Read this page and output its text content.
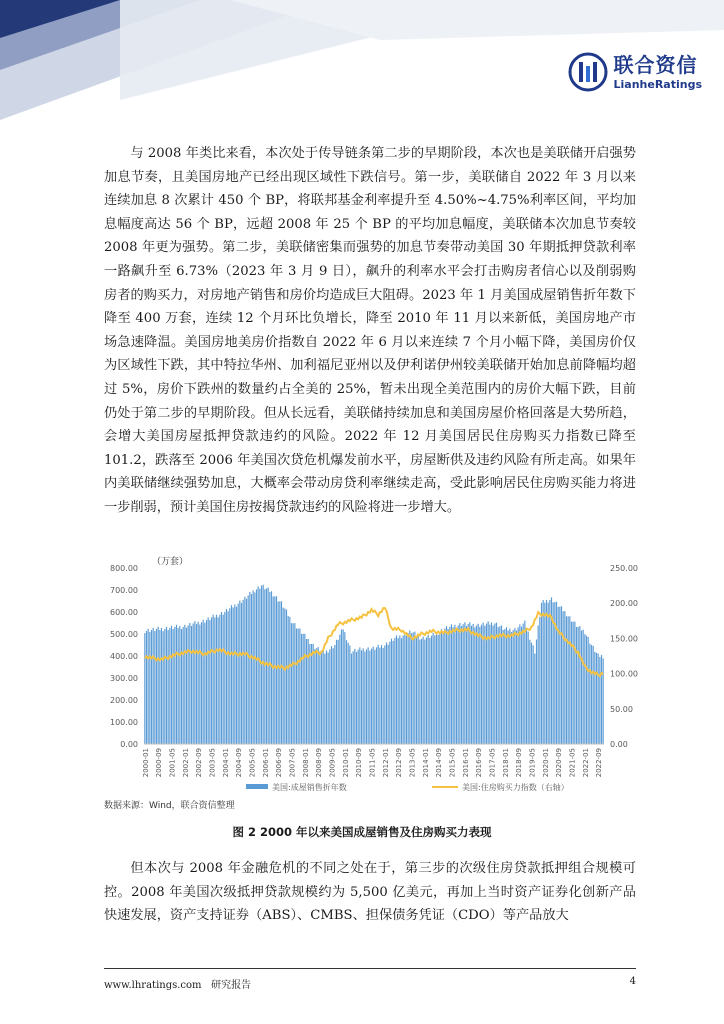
联合资信
LianheRatings

与 2008 年类比来看，本次处于传导链条第二步的早期阶段，本次也是美联储开启强势加息节奏，且美国房地产已经出现区域性下跌信号。第一步，美联储自 2022 年 3 月以来连续加息 8 次累计 450 个 BP，将联邦基金利率提升至 4.50%~4.75%利率区间，平均加息幅度高达 56 个 BP，远超 2008 年 25 个 BP 的平均加息幅度，美联储本次加息节奏较 2008 年更为强势。第二步，美联储密集而强势的加息节奏带动美国 30 年期抵押贷款利率一路飙升至 6.73%（2023 年 3 月 9 日），飙升的利率水平会打击购房者信心以及削弱购房者的购买力，对房地产销售和房价均造成巨大阻碍。2023 年 1 月美国成屋销售折年数下降至 400 万套，连续 12 个月环比负增长，降至 2010 年 11 月以来新低，美国房地产市场急速降温。美国房地美房价指数自 2022 年 6 月以来连续 7 个月小幅下降，美国房价仅为区域性下跌，其中特拉华州、加利福尼亚州以及伊利诺伊州较美联储开始加息前降幅均超过 5%，房价下跌州的数量约占全美的 25%，暂未出现全美范围内的房价大幅下跌，目前仍处于第二步的早期阶段。但从长远看，美联储持续加息和美国房屋价格回落是大势所趋，会增大美国房屋抵押贷款违约的风险。2022 年 12 月美国居民住房购买力指数已降至 101.2，跌落至 2006 年美国次贷危机爆发前水平，房屋断供及违约风险有所走高。如果年内美联储继续强势加息，大概率会带动房贷利率继续走高，受此影响居民住房购买能力将进一步削弱，预计美国住房按揭贷款违约的风险将进一步增大。

（万套）
0.00
100.00
200.00
300.00
400.00
500.00
600.00
700.00
800.00
0.00
50.00
100.00
150.00
200.00
250.00
2000-01 2000-09 2001-05 2002-01 2002-09 2003-05 2004-01 2004-09 2005-05 2006-01 2006-09 2007-05 2008-01 2008-09 2009-05 2010-01 2010-09 2011-05 2012-01 2012-09 2013-05 2014-01 2014-09 2015-05 2016-01 2016-09 2017-05 2018-01 2018-09 2019-05 2020-01 2020-09 2021-05 2022-01 2022-09
美国:成屋销售折年数	美国:住房购买力指数（右轴）
数据来源：Wind，联合资信整理
图 2 2000 年以来美国成屋销售及住房购买力表现

但本次与 2008 年金融危机的不同之处在于，第三步的次级住房贷款抵押组合规模可控。2008 年美国次级抵押贷款规模约为 5,500 亿美元，再加上当时资产证券化创新产品快速发展，资产支持证券（ABS）、CMBS、担保债务凭证（CDO）等产品放大

www.lhratings.com 研究报告	4
